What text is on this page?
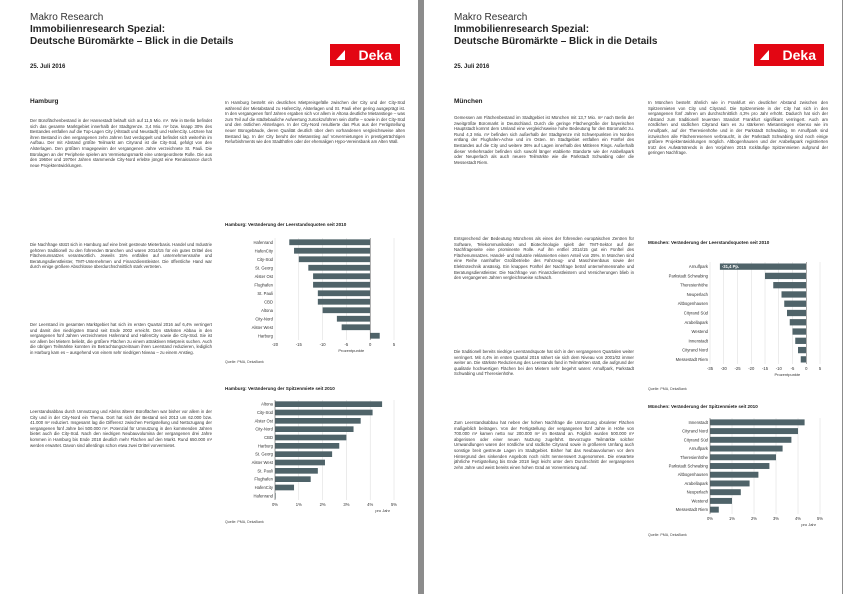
Makro Research
Immobilienresearch Spezial:
Deutsche Büromärkte – Blick in die Details
25. Juli 2016
Deka
Hamburg
Der Büroflächenbestand in der Hansestadt beläuft sich auf 11,5 Mio. m². Wie in Berlin befindet sich das gesamte Marktgebiet innerhalb der Stadtgrenze. 3,4 Mio. m² bzw. knapp 30% des Bestandes entfallen auf die Top-Lagen City (Altstadt und Neustadt) und HafenCity. Letztere hat ihren Bestand in den vergangenen zehn Jahren fast verdoppelt und befindet sich weiterhin im Aufbau. Der mit Abstand größte Teilmarkt am Cityrand ist die City-Süd, gefolgt von den Alsterlagen. Den größten Imagegewinn der vergangenen Jahre verzeichnete St. Pauli. Die Bürolagen an der Peripherie spielen am Vermietungsmarkt eine untergeordnete Rolle. Die aus den 1960er und 1970er Jahren stammende City-Nord erlebte jüngst eine Renaissance durch neue Projektentwicklungen.
Die Nachfrage stützt sich in Hamburg auf eine breit gestreute Mieterbasis. Handel und Industrie gehören traditionell zu den führenden Branchen und waren 2014/15 für ein gutes Drittel des Flächenumsatzes verantwortlich. Jeweils 15% entfallen auf unternehmensnahe und Beratungsdienstleister, TMT-Unternehmen und Finanzdienstleister. Die öffentliche Hand war durch einige größere Abschlüsse überdurchschnittlich stark vertreten.
Der Leerstand im gesamten Marktgebiet hat sich im ersten Quartal 2016 auf 6,4% verringert und damit den niedrigsten Stand seit Ende 2002 erreicht. Den stärksten Abbau in den vergangenen fünf Jahren verzeichneten Hafenrand und HafenCity sowie die City-Süd. Sie ist vor allem bei Mietern beliebt, die größere Flächen zu einem attraktiven Mietpreis suchen. Auch die übrigen Teilmärkte konnten im Betrachtungszeitraum ihren Leerstand reduzieren, lediglich in Harburg kam es – ausgehend von einem sehr niedrigen Niveau – zu einem Anstieg.
Leerstandsabbau durch Umnutzung und Abriss älterer Büroflächen war bisher vor allem in der City und in der City-Nord ein Thema. Dort hat sich der Bestand seit 2013 um 62.000 bzw. 41.000 m² reduziert. Insgesamt lag die Differenz zwischen Fertigstellung und Nettozugang der vergangenen fünf Jahre bei 500.000 m². Potenzial für Umnutzung in den kommenden Jahren bietet auch die City-Süd. Nach den niedrigen Neubauvolumina der vergangenen drei Jahre kommen in Hamburg bis Ende 2018 deutlich mehr Flächen auf den Markt. Rund 650.000 m² werden erwartet. Davon sind allerdings schon etwa zwei Drittel vorvermietet.
In Hamburg besteht ein deutliches Mietpreisgefälle zwischen der City und der City-Süd während der Mietabstand zu HafenCity, Alsterlagen und St. Pauli eher gering ausgeprägt ist. In den vergangenen fünf Jahren ergaben sich vor allem in Altona deutliche Mietanstiege – was zum Teil auf die städtebauliche Aufwertung zurückzuführen sein dürfte – sowie in der City-Süd und den östlichen Alsterlagen. In der City-Nord resultierte das Plus aus der Fertigstellung neuer Bürogebäude, deren Qualität deutlich über dem vorhandenen vergleichsweise alten Bestand lag. In der City beruht der Mietanstieg auf Vorvermietungen in prestigeträchtigen Refurbishments wie den Stadthöfen oder der ehemaligen Hypo-Vereinsbank am Alten Wall.
Hamburg: Veränderung der Leerstandsquoten seit 2010
-20	-15	-10	-5	0	5
Prozentpunkte
Hafenrand
HafenCity
City-Süd
St. Georg
Alster Ost
Flughafen
St. Pauli
CBD
Altona
City-Nord
Alster West
Harburg
Quelle: PMA, DekaBank
Hamburg: Veränderung der Spitzenmiete seit 2010
0%	1%	2%	3%	4%	5%
pro Jahr
Altona
City-Süd
Alster Ost
City-Nord
CBD
Harburg
St. Georg
Alster West
St. Pauli
Flughafen
HafenCity
Hafenrand
Quelle: PMA, DekaBank
Makro Research
Immobilienresearch Spezial:
Deutsche Büromärkte – Blick in die Details
25. Juli 2016
Deka
München
Gemessen am Flächenbestand im Stadtgebiet ist München mit 13,7 Mio. m² nach Berlin der zweitgrößte Büromarkt in Deutschland. Durch die geringe Flächengröße der bayerischen Hauptstadt kommt dem Umland eine vergleichsweise hohe Bedeutung für den Büromarkt zu. Rund 4,3 Mio. m² befinden sich außerhalb der Stadtgrenze mit Schwerpunkten im Norden entlang der Flughafen-Achse und im Osten. Im Stadtgebiet entfallen ein Fünftel des Bestandes auf die City und weitere 36% auf Lagen innerhalb des Mittleren Rings. Außerhalb dieser Verkehrsader befinden sich sowohl länger etablierte Standorte wie der Arabellapark oder Neuperlach als auch neuere Teilmärkte wie die Parkstadt Schwabing oder die Messestadt Riem.
Entsprechend der Bedeutung Münchens als eines der führenden europäischen Zentren für Software, Telekommunikation und Biotechnologie spielt der TMT-Sektor auf der Nachfrageseite eine prominente Rolle. Auf ihn entfiel 2014/15 gut ein Fünftel des Flächenumsatzes. Handel- und Industrie reklamierten einen Anteil von 25%. In München sind eine Reihe namhafter Großbetriebe des Fahrzeug- und Maschinenbaus sowie der Elektrotechnik ansässig. Ein knappes Fünftel der Nachfrage betraf unternehmensnahe und Beratungsdienstleister. Die Nachfrage von Finanzdienstleistern und Versicherungen blieb in den vergangenen Jahren vergleichsweise schwach.
Die traditionell bereits niedrige Leerstandsquote hat sich in den vergangenen Quartalen weiter verringert. Mit 4,4% im ersten Quartal 2016 nähert sie sich dem Niveau von 2001/02 immer weiter an. Die stärkste Reduzierung des Leerstands fand in Teilmärkten statt, die aufgrund der qualitativ hochwertigen Flächen bei den Mietern sehr begehrt waren: Arnulfpark, Parkstadt Schwabing und Theresienhöhe.
Zum Leerstandsabbau hat neben der hohen Nachfrage die Umnutzung obsoleter Flächen maßgeblich beitragen. Von der Fertigstellung der vergangenen fünf Jahre in Höhe von 700.000 m² kamen netto nur 200.000 m² im Bestand an. Folglich wurden 500.000 m² abgerissen oder einer neuen Nutzung zugeführt. Bevorzugte Teilmärkte solcher Umwandlungen waren der nördliche und südliche Cityrand sowie in größerem Umfang auch sonstige breit gestreute Lagen im Stadtgebiet. Bisher hat das Neubauvolumen vor dem Hintergrund des sinkenden Angebots noch nicht nennenswert zugenommen. Die erwartete jährliche Fertigstellung bis Ende 2018 liegt leicht unter dem Durchschnitt der vergangenen zehn Jahre und weist bereits einen hohen Grad an Vorvermietung auf.
In München besteht ähnlich wie in Frankfurt ein deutlicher Abstand zwischen den Spitzenmieten von City und Cityrand. Die Spitzenmiete in der City hat sich in den vergangenen fünf Jahren um durchschnittlich 4,3% pro Jahr erhöht. Dadurch hat sich der Abstand zum traditionell teuersten Standort Frankfurt signifikant verringert. Auch am nördlichen und südlichen Cityrand kam es zu stärkeren Mietanstiegen ebenso wie im Arnulfpark, auf der Theresienhöhe und in der Parkstadt Schwabing. Im Arnulfpark sind inzwischen alle Flächenreserven verbraucht, in der Parkstadt Schwabing sind noch einige größere Projektentwicklungen möglich. Altbogenhausen und der Arabellapark registrierten trotz des Aufwärtstrends in den Vorjahren 2015 rückläufige Spitzenmieten aufgrund der geringen Nachfrage.
München: Veränderung der Leerstandsquoten seit 2010
-35 -30 -25 -20 -15 -10 -5	0	5
Prozentpunkte
Arnulfpark
Parkstadt Schwabing
Theresienhöhe
Neuperlach
Altbogenhausen
Cityrand Süd
Arabellapark
Westend
Innenstadt
Cityrand Nord
Messestadt Riem
-31,4 Pp.
Quelle: PMA, DekaBank
München: Veränderung der Spitzenmiete seit 2010
0%	1%	2%	3%	4%	5%
pro Jahr
Innenstadt
Cityrand Nord
Cityrand Süd
Arnulfpark
Theresienhöhe
Parkstadt Schwabing
Altbogenhausen
Arabellapark
Neuperlach
Westend
Messestadt Riem
Quelle: PMA, DekaBank
